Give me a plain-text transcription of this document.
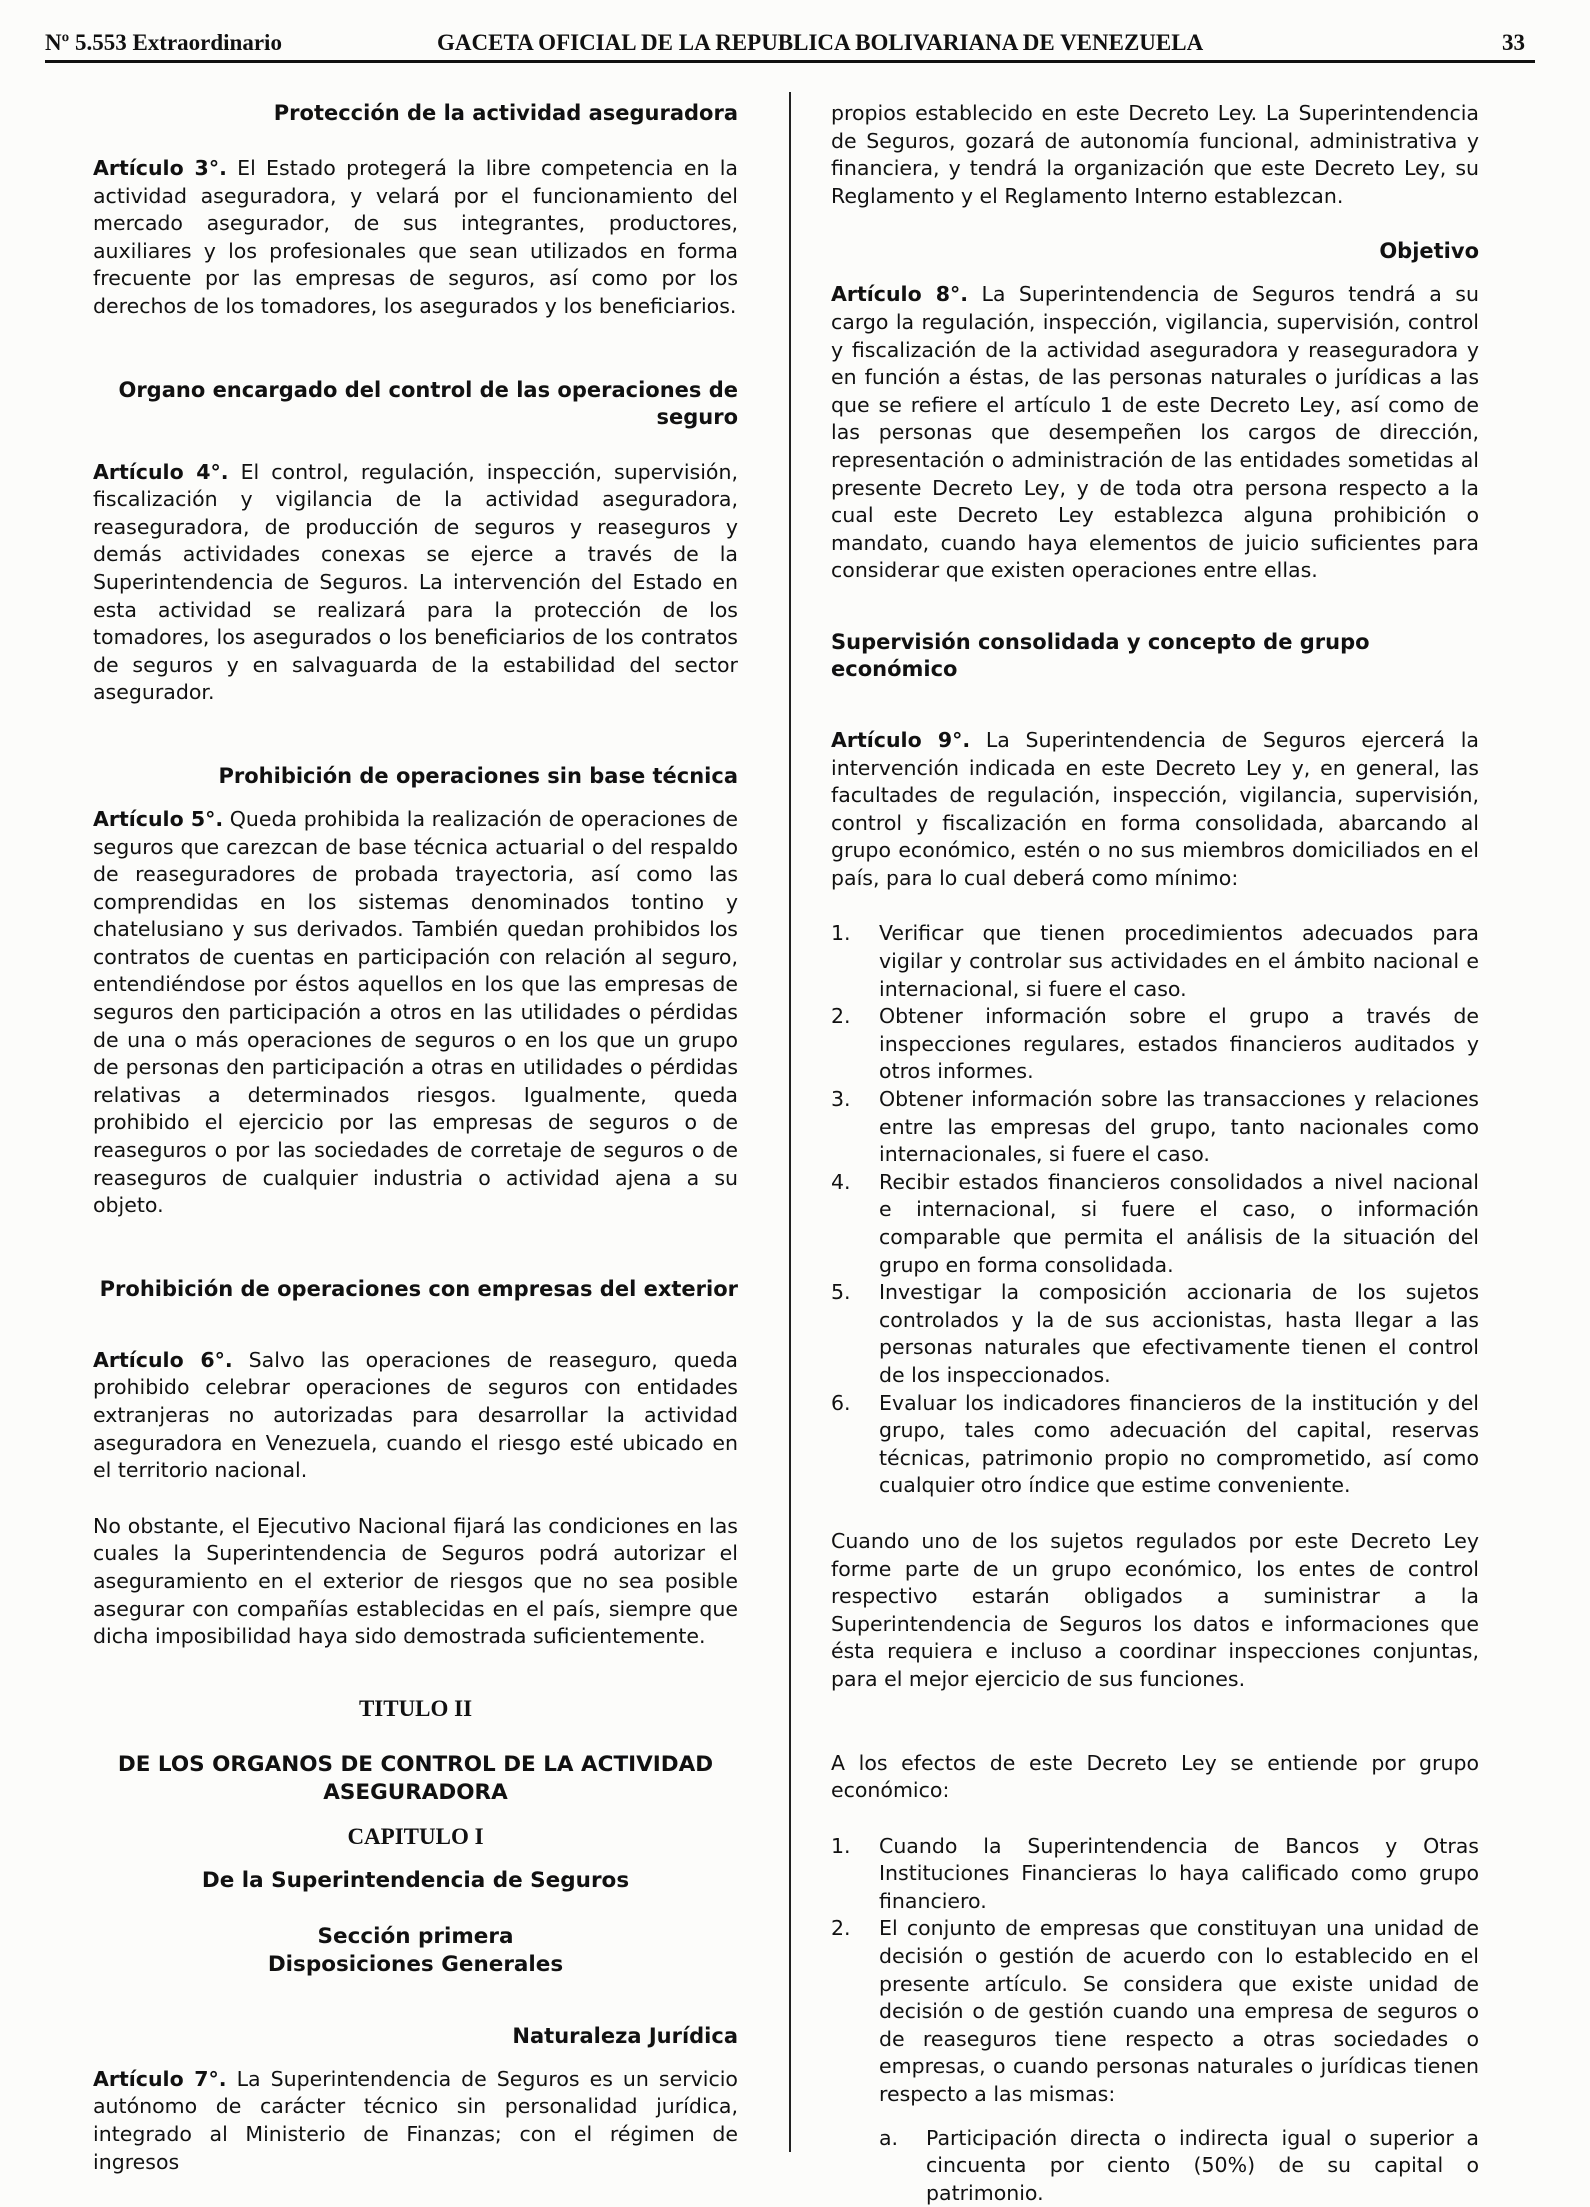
Nº 5.553 Extraordinario	GACETA OFICIAL DE LA REPUBLICA BOLIVARIANA DE VENEZUELA	33

Protección de la actividad aseguradora

Artículo 3°. El Estado protegerá la libre competencia en la actividad aseguradora, y velará por el funcionamiento del mercado asegurador, de sus integrantes, productores, auxiliares y los profesionales que sean utilizados en forma frecuente por las empresas de seguros, así como por los derechos de los tomadores, los asegurados y los beneficiarios.

Organo encargado del control de las operaciones de seguro

Artículo 4°. El control, regulación, inspección, supervisión, fiscalización y vigilancia de la actividad aseguradora, reaseguradora, de producción de seguros y reaseguros y demás actividades conexas se ejerce a través de la Superintendencia de Seguros. La intervención del Estado en esta actividad se realizará para la protección de los tomadores, los asegurados o los beneficiarios de los contratos de seguros y en salvaguarda de la estabilidad del sector asegurador.

Prohibición de operaciones sin base técnica

Artículo 5°. Queda prohibida la realización de operaciones de seguros que carezcan de base técnica actuarial o del respaldo de reaseguradores de probada trayectoria, así como las comprendidas en los sistemas denominados tontino y chatelusiano y sus derivados. También quedan prohibidos los contratos de cuentas en participación con relación al seguro, entendiéndose por éstos aquellos en los que las empresas de seguros den participación a otros en las utilidades o pérdidas de una o más operaciones de seguros o en los que un grupo de personas den participación a otras en utilidades o pérdidas relativas a determinados riesgos. Igualmente, queda prohibido el ejercicio por las empresas de seguros o de reaseguros o por las sociedades de corretaje de seguros o de reaseguros de cualquier industria o actividad ajena a su objeto.

Prohibición de operaciones con empresas del exterior

Artículo 6°. Salvo las operaciones de reaseguro, queda prohibido celebrar operaciones de seguros con entidades extranjeras no autorizadas para desarrollar la actividad aseguradora en Venezuela, cuando el riesgo esté ubicado en el territorio nacional.

No obstante, el Ejecutivo Nacional fijará las condiciones en las cuales la Superintendencia de Seguros podrá autorizar el aseguramiento en el exterior de riesgos que no sea posible asegurar con compañías establecidas en el país, siempre que dicha imposibilidad haya sido demostrada suficientemente.

TITULO II

DE LOS ORGANOS DE CONTROL DE LA ACTIVIDAD ASEGURADORA

CAPITULO I

De la Superintendencia de Seguros

Sección primera

Disposiciones Generales

Naturaleza Jurídica

Artículo 7°. La Superintendencia de Seguros es un servicio autónomo de carácter técnico sin personalidad jurídica, integrado al Ministerio de Finanzas; con el régimen de ingresos

propios establecido en este Decreto Ley. La Superintendencia de Seguros, gozará de autonomía funcional, administrativa y financiera, y tendrá la organización que este Decreto Ley, su Reglamento y el Reglamento Interno establezcan.

Objetivo

Artículo 8°. La Superintendencia de Seguros tendrá a su cargo la regulación, inspección, vigilancia, supervisión, control y fiscalización de la actividad aseguradora y reaseguradora y en función a éstas, de las personas naturales o jurídicas a las que se refiere el artículo 1 de este Decreto Ley, así como de las personas que desempeñen los cargos de dirección, representación o administración de las entidades sometidas al presente Decreto Ley, y de toda otra persona respecto a la cual este Decreto Ley establezca alguna prohibición o mandato, cuando haya elementos de juicio suficientes para considerar que existen operaciones entre ellas.

Supervisión consolidada y concepto de grupo económico

Artículo 9°. La Superintendencia de Seguros ejercerá la intervención indicada en este Decreto Ley y, en general, las facultades de regulación, inspección, vigilancia, supervisión, control y fiscalización en forma consolidada, abarcando al grupo económico, estén o no sus miembros domiciliados en el país, para lo cual deberá como mínimo:

1. Verificar que tienen procedimientos adecuados para vigilar y controlar sus actividades en el ámbito nacional e internacional, si fuere el caso.
2. Obtener información sobre el grupo a través de inspecciones regulares, estados financieros auditados y otros informes.
3. Obtener información sobre las transacciones y relaciones entre las empresas del grupo, tanto nacionales como internacionales, si fuere el caso.
4. Recibir estados financieros consolidados a nivel nacional e internacional, si fuere el caso, o información comparable que permita el análisis de la situación del grupo en forma consolidada.
5. Investigar la composición accionaria de los sujetos controlados y la de sus accionistas, hasta llegar a las personas naturales que efectivamente tienen el control de los inspeccionados.
6. Evaluar los indicadores financieros de la institución y del grupo, tales como adecuación del capital, reservas técnicas, patrimonio propio no comprometido, así como cualquier otro índice que estime conveniente.

Cuando uno de los sujetos regulados por este Decreto Ley forme parte de un grupo económico, los entes de control respectivo estarán obligados a suministrar a la Superintendencia de Seguros los datos e informaciones que ésta requiera e incluso a coordinar inspecciones conjuntas, para el mejor ejercicio de sus funciones.

A los efectos de este Decreto Ley se entiende por grupo económico:

1. Cuando la Superintendencia de Bancos y Otras Instituciones Financieras lo haya calificado como grupo financiero.
2. El conjunto de empresas que constituyan una unidad de decisión o gestión de acuerdo con lo establecido en el presente artículo. Se considera que existe unidad de decisión o de gestión cuando una empresa de seguros o de reaseguros tiene respecto a otras sociedades o empresas, o cuando personas naturales o jurídicas tienen respecto a las mismas:
a. Participación directa o indirecta igual o superior a cincuenta por ciento (50%) de su capital o patrimonio.
